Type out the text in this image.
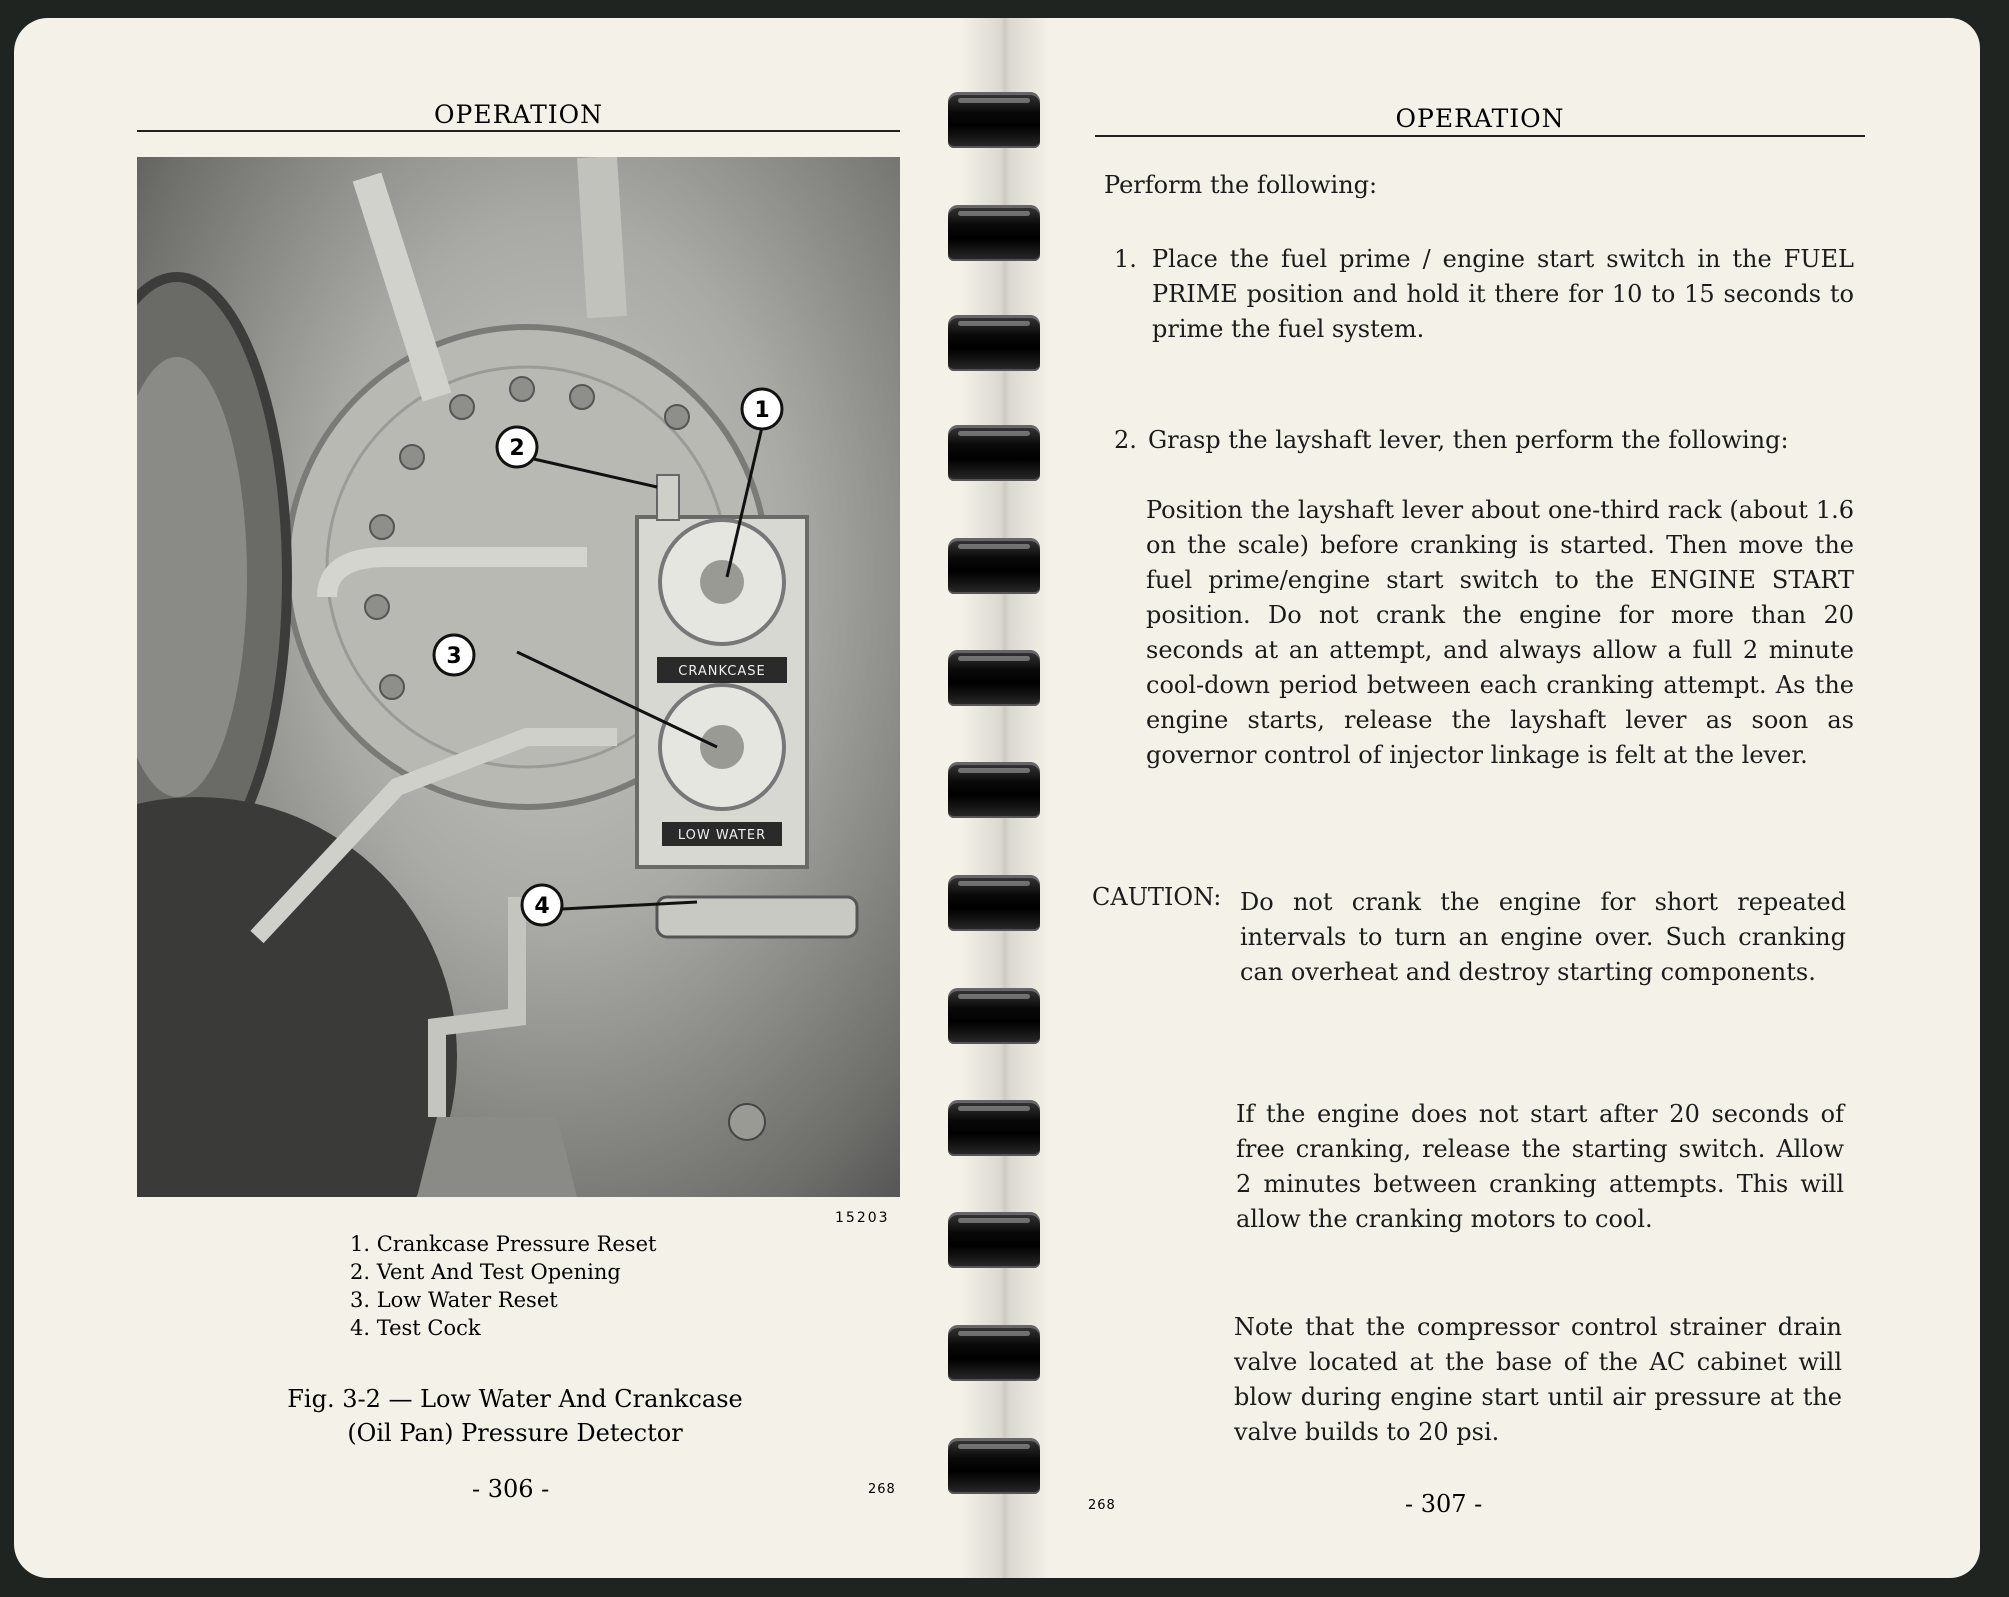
OPERATION
CRANKCASE
LOW WATER
1
2
3
4
15203
1. Crankcase Pressure Reset
2. Vent And Test Opening
3. Low Water Reset
4. Test Cock
Fig. 3-2 — Low Water And Crankcase
(Oil Pan) Pressure Detector
- 306 -	268
OPERATION
Perform the following:
1. Place the fuel prime / engine start switch in the FUEL PRIME position and hold it there for 10 to 15 seconds to prime the fuel system.
2. Grasp the layshaft lever, then perform the following:
Position the layshaft lever about one-third rack (about 1.6 on the scale) before cranking is started. Then move the fuel prime/engine start switch to the ENGINE START position. Do not crank the engine for more than 20 seconds at an attempt, and always allow a full 2 minute cool-down period between each cranking attempt. As the engine starts, release the layshaft lever as soon as governor control of injector linkage is felt at the lever.
CAUTION: Do not crank the engine for short repeated intervals to turn an engine over. Such cranking can overheat and destroy starting components.
If the engine does not start after 20 seconds of free cranking, release the starting switch. Allow 2 minutes between cranking attempts. This will allow the cranking motors to cool.
Note that the compressor control strainer drain valve located at the base of the AC cabinet will blow during engine start until air pressure at the valve builds to 20 psi.
- 307 -
268
